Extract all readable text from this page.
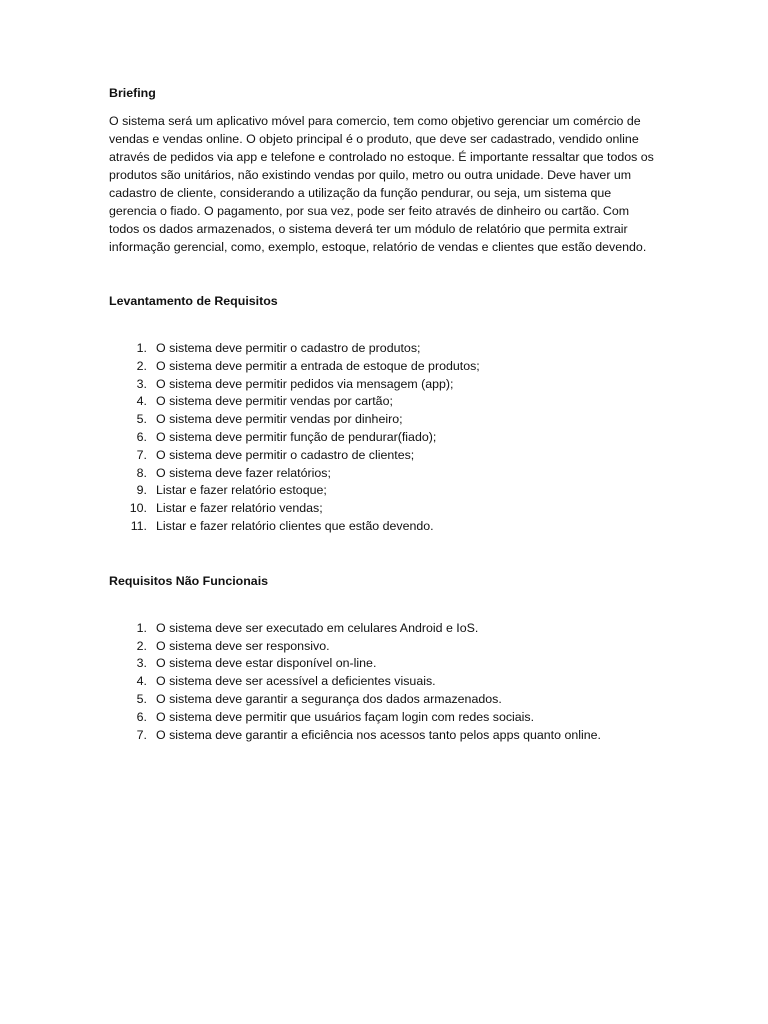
Briefing

O sistema será um aplicativo móvel para comercio, tem como objetivo gerenciar um comércio de vendas e vendas online. O objeto principal é o produto, que deve ser cadastrado, vendido online através de pedidos via app e telefone e controlado no estoque. É importante ressaltar que todos os produtos são unitários, não existindo vendas por quilo, metro ou outra unidade. Deve haver um cadastro de cliente, considerando a utilização da função pendurar, ou seja, um sistema que gerencia o fiado. O pagamento, por sua vez, pode ser feito através de dinheiro ou cartão. Com todos os dados armazenados, o sistema deverá ter um módulo de relatório que permita extrair informação gerencial, como, exemplo, estoque, relatório de vendas e clientes que estão devendo.

Levantamento de Requisitos
1. O sistema deve permitir o cadastro de produtos;
2. O sistema deve permitir a entrada de estoque de produtos;
3. O sistema deve permitir pedidos via mensagem (app);
4. O sistema deve permitir vendas por cartão;
5. O sistema deve permitir vendas por dinheiro;
6. O sistema deve permitir função de pendurar(fiado);
7. O sistema deve permitir o cadastro de clientes;
8. O sistema deve fazer relatórios;
9. Listar e fazer relatório estoque;
10. Listar e fazer relatório vendas;
11. Listar e fazer relatório clientes que estão devendo.
Requisitos Não Funcionais
1. O sistema deve ser executado em celulares Android e IoS.
2. O sistema deve ser responsivo.
3. O sistema deve estar disponível on-line.
4. O sistema deve ser acessível a deficientes visuais.
5. O sistema deve garantir a segurança dos dados armazenados.
6. O sistema deve permitir que usuários façam login com redes sociais.
7. O sistema deve garantir a eficiência nos acessos tanto pelos apps quanto online.
